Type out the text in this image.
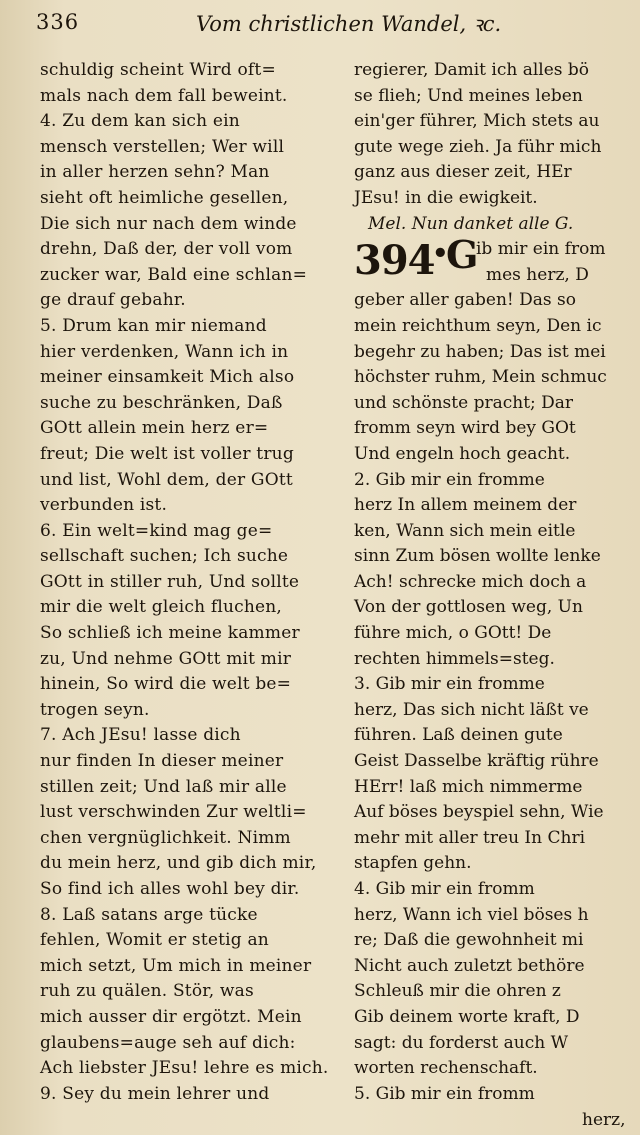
336	Vom christlichen Wandel, ꝛc.
schuldig scheint Wird oft=
mals nach dem fall beweint.
4. Zu dem kan sich ein
mensch verstellen; Wer will
in aller herzen sehn? Man
sieht oft heimliche gesellen,
Die sich nur nach dem winde
drehn, Daß der, der voll vom
zucker war, Bald eine schlan=
ge drauf gebahr.
5. Drum kan mir niemand
hier verdenken, Wann ich in
meiner einsamkeit Mich also
suche zu beschränken, Daß
GOtt allein mein herz er=
freut; Die welt ist voller trug
und list, Wohl dem, der GOtt
verbunden ist.
6. Ein welt=kind mag ge=
sellschaft suchen; Ich suche
GOtt in stiller ruh, Und sollte
mir die welt gleich fluchen,
So schließ ich meine kammer
zu, Und nehme GOtt mit mir
hinein, So wird die welt be=
trogen seyn.
7. Ach JEsu! lasse dich
nur finden In dieser meiner
stillen zeit; Und laß mir alle
lust verschwinden Zur weltli=
chen vergnüglichkeit. Nimm
du mein herz, und gib dich mir,
So find ich alles wohl bey dir.
8. Laß satans arge tücke
fehlen, Womit er stetig an
mich setzt, Um mich in meiner
ruh zu quälen. Stör, was
mich ausser dir ergötzt. Mein
glaubens=auge seh auf dich:
Ach liebster JEsu! lehre es mich.
9. Sey du mein lehrer und
regierer, Damit ich alles bö
se flieh; Und meines leben
ein'ger führer, Mich stets au
gute wege zieh. Ja führ mich
ganz aus dieser zeit, HEr
JEsu! in die ewigkeit.
Mel. Nun danket alle G.
394
•
G
ib mir ein from
mes herz, D
geber aller gaben! Das so
mein reichthum seyn, Den ic
begehr zu haben; Das ist mei
höchster ruhm, Mein schmuc
und schönste pracht; Dar
fromm seyn wird bey GOt
Und engeln hoch geacht.
2. Gib mir ein fromme
herz In allem meinem der
ken, Wann sich mein eitle
sinn Zum bösen wollte lenke
Ach! schrecke mich doch a
Von der gottlosen weg, Un
führe mich, o GOtt! De
rechten himmels=steg.
3. Gib mir ein fromme
herz, Das sich nicht läßt ve
führen. Laß deinen gute
Geist Dasselbe kräftig rühre
HErr! laß mich nimmerme
Auf böses beyspiel sehn, Wie
mehr mit aller treu In Chri
stapfen gehn.
4. Gib mir ein fromm
herz, Wann ich viel böses h
re; Daß die gewohnheit mi
Nicht auch zuletzt bethöre
Schleuß mir die ohren z
Gib deinem worte kraft, D
sagt: du forderst auch W
worten rechenschaft.
5. Gib mir ein fromm
herz,
